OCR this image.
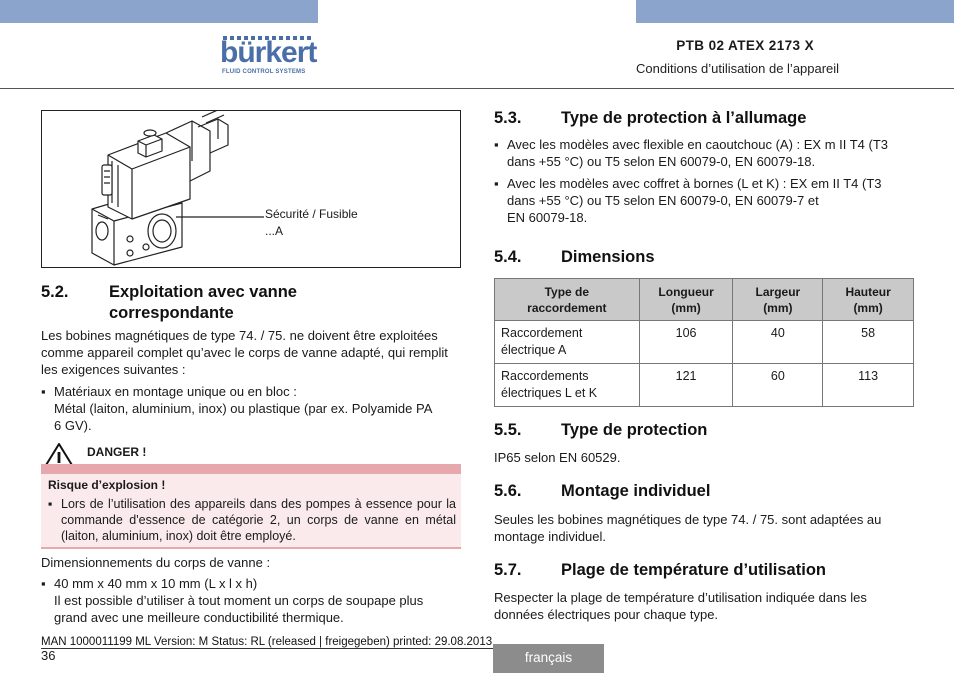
bürkert
FLUID CONTROL SYSTEMS
PTB 02 ATEX 2173 X
Conditions d’utilisation de l’appareil
Sécurité / Fusible
...A
5.2. Exploitation avec vanne
correspondante
Les bobines magnétiques de type 74. / 75. ne doivent être exploitées
comme appareil complet qu’avec le corps de vanne adapté, qui remplit
les exigences suivantes :
▪ Matériaux en montage unique ou en bloc :
Métal (laiton, aluminium, inox) ou plastique (par ex. Polyamide PA
6 GV).
DANGER !
Risque d’explosion !
▪ Lors de l’utilisation des appareils dans des pompes à essence pour la commande d'essence de catégorie 2, un corps de vanne en métal (laiton, aluminium, inox) doit être employé.
Dimensionnements du corps de vanne :
▪ 40 mm x 40 mm x 10 mm (L x l x h)
Il est possible d’utiliser à tout moment un corps de soupape plus
grand avec une meilleure conductibilité thermique.
5.3. Type de protection à l’allumage
▪ Avec les modèles avec flexible en caoutchouc (A) : EX m II T4 (T3
dans +55 °C) ou T5 selon EN 60079-0, EN 60079-18.
▪ Avec les modèles avec coffret à bornes (L et K) : EX em II T4 (T3
dans +55 °C) ou T5 selon EN 60079-0, EN 60079-7 et
EN 60079-18.
5.4. Dimensions
Type de
raccordement	Longueur
(mm)	Largeur
(mm)	Hauteur
(mm)
Raccordement
électrique A	106	40	58
Raccordements
électriques L et K	121	60	113
5.5. Type de protection
IP65 selon EN 60529.
5.6. Montage individuel
Seules les bobines magnétiques de type 74. / 75. sont adaptées au
montage individuel.
5.7. Plage de température d’utilisation
Respecter la plage de température d’utilisation indiquée dans les
données électriques pour chaque type.
MAN 1000011199 ML Version: M Status: RL (released | freigegeben) printed: 29.08.2013
36	français
